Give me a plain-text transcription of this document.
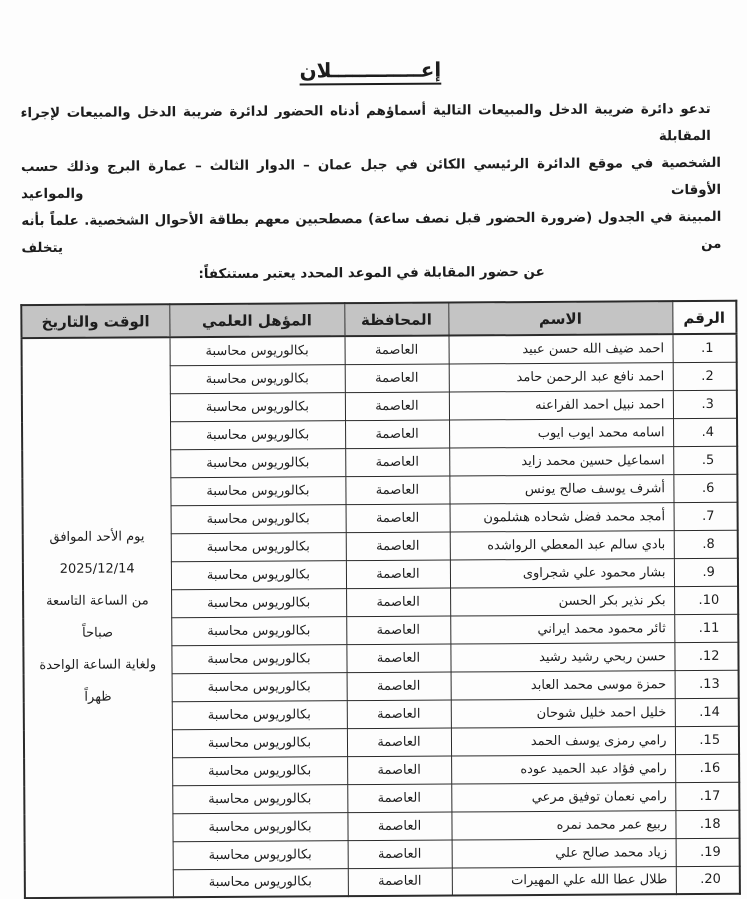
إعـــــــــــــلان
تدعو دائرة ضريبة الدخل والمبيعات التالية أسماؤهم أدناه الحضور لدائرة ضريبة الدخل والمبيعات لإجراء المقابلة
الشخصية في موقع الدائرة الرئيسي الكائن في جبل عمان – الدوار الثالث – عمارة البرج وذلك حسب الأوقات والمواعيد
المبينة في الجدول (ضرورة الحضور قبل نصف ساعة) مصطحبين معهم بطاقة الأحوال الشخصية. علماً بأنه من يتخلف
عن حضور المقابلة في الموعد المحدد يعتبر مستنكفاً:
الرقم	الاسم	المحافظة	المؤهل العلمي	الوقت والتاريخ
1.	احمد ضيف الله حسن عبيد	العاصمة	بكالوريوس محاسبة	
يوم الأحد الموافق
2025/12/14
من الساعة التاسعة
صباحاً
ولغاية الساعة الواحدة
ظهراً

2.	احمد نافع عبد الرحمن حامد	العاصمة	بكالوريوس محاسبة	
3.	احمد نبيل احمد الفراعنه	العاصمة	بكالوريوس محاسبة	
4.	اسامه محمد ايوب ايوب	العاصمة	بكالوريوس محاسبة	
5.	اسماعيل حسين محمد زايد	العاصمة	بكالوريوس محاسبة	
6.	أشرف يوسف صالح يونس	العاصمة	بكالوريوس محاسبة	
7.	أمجد محمد فضل شحاده هشلمون	العاصمة	بكالوريوس محاسبة	
8.	بادي سالم عبد المعطي الرواشده	العاصمة	بكالوريوس محاسبة	
9.	بشار محمود علي شجراوى	العاصمة	بكالوريوس محاسبة	
10.	بكر نذير بكر الحسن	العاصمة	بكالوريوس محاسبة	
11.	ثائر محمود محمد ايراني	العاصمة	بكالوريوس محاسبة	
12.	حسن ربحي رشيد رشيد	العاصمة	بكالوريوس محاسبة	
13.	حمزة موسى محمد العابد	العاصمة	بكالوريوس محاسبة	
14.	خليل احمد خليل شوحان	العاصمة	بكالوريوس محاسبة	
15.	رامي رمزى يوسف الحمد	العاصمة	بكالوريوس محاسبة	
16.	رامي فؤاد عبد الحميد عوده	العاصمة	بكالوريوس محاسبة	
17.	رامي نعمان توفيق مرعي	العاصمة	بكالوريوس محاسبة	
18.	ربيع عمر محمد نمره	العاصمة	بكالوريوس محاسبة	
19.	زياد محمد صالح علي	العاصمة	بكالوريوس محاسبة	
20.	طلال عطا الله علي المهيرات	العاصمة	بكالوريوس محاسبة	
